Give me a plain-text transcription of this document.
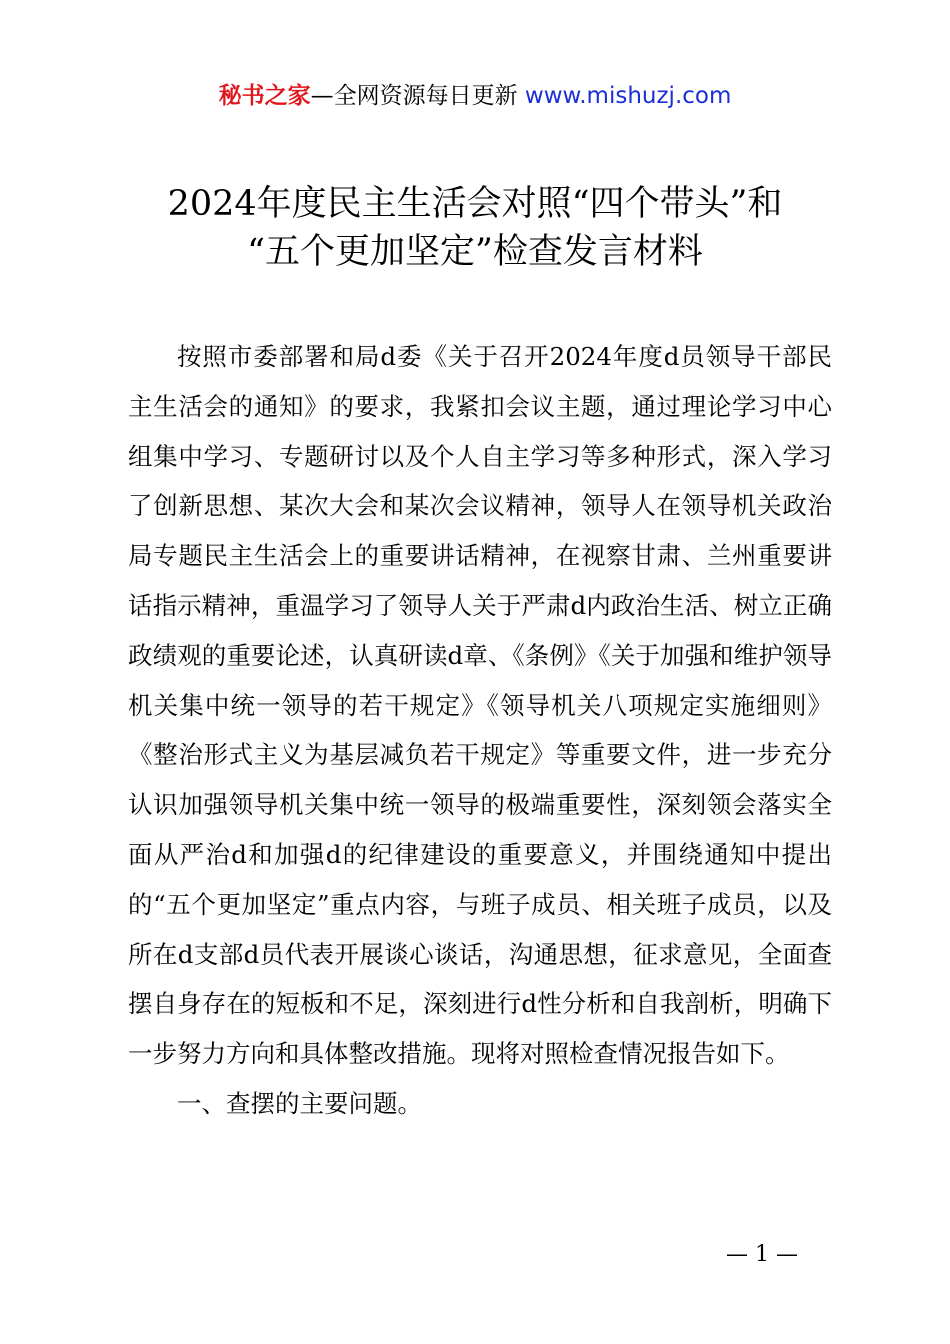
秘书之家—全网资源每日更新 www.mishuzj.com
2024年度民主生活会对照“四个带头”和
“五个更加坚定”检查发言材料

按照市委部署和局d委《关于召开2024年度d员领导干部民主生活会的通知》的要求，我紧扣会议主题，通过理论学习中心组集中学习、专题研讨以及个人自主学习等多种形式，深入学习了创新思想、某次大会和某次会议精神，领导人在领导机关政治局专题民主生活会上的重要讲话精神，在视察甘肃、兰州重要讲话指示精神，重温学习了领导人关于严肃d内政治生活、树立正确政绩观的重要论述，认真研读d章、《条例》《关于加强和维护领导机关集中统一领导的若干规定》《领导机关八项规定实施细则》《整治形式主义为基层减负若干规定》等重要文件，进一步充分认识加强领导机关集中统一领导的极端重要性，深刻领会落实全面从严治d和加强d的纪律建设的重要意义，并围绕通知中提出的“五个更加坚定”重点内容，与班子成员、相关班子成员，以及所在d支部d员代表开展谈心谈话，沟通思想，征求意见，全面查摆自身存在的短板和不足，深刻进行d性分析和自我剖析，明确下一步努力方向和具体整改措施。现将对照检查情况报告如下。

一、查摆的主要问题。
— 1 —
